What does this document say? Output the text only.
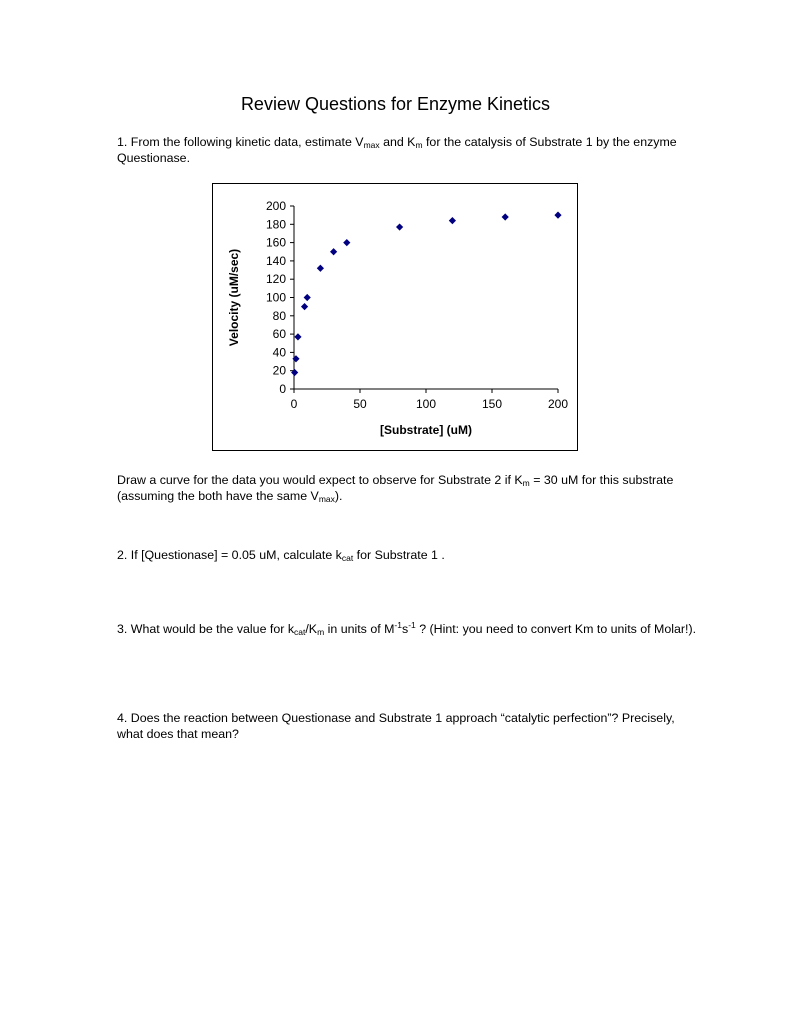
Review Questions for Enzyme Kinetics
1. From the following kinetic data, estimate $V_{max}$ and $K_m$ for the catalysis of Substrate 1 by the enzyme Questionase.
0
20
40
60
80
100
120
140
160
180
200
0	50	100	150	200
[Substrate] (uM)
Velocity (uM/sec)
Draw a curve for the data you would expect to observe for Substrate 2 if $K_m = 30$ uM for this substrate (assuming the both have the same $V_{max}$).
2. If [Questionase] = 0.05 uM, calculate $k_{cat}$ for Substrate 1 .
3. What would be the value for $k_{cat}/K_m$ in units of $M^{-1}s^{-1}$ ? (Hint: you need to convert Km to units of Molar!).
4. Does the reaction between Questionase and Substrate 1 approach “catalytic perfection”? Precisely, what does that mean?
